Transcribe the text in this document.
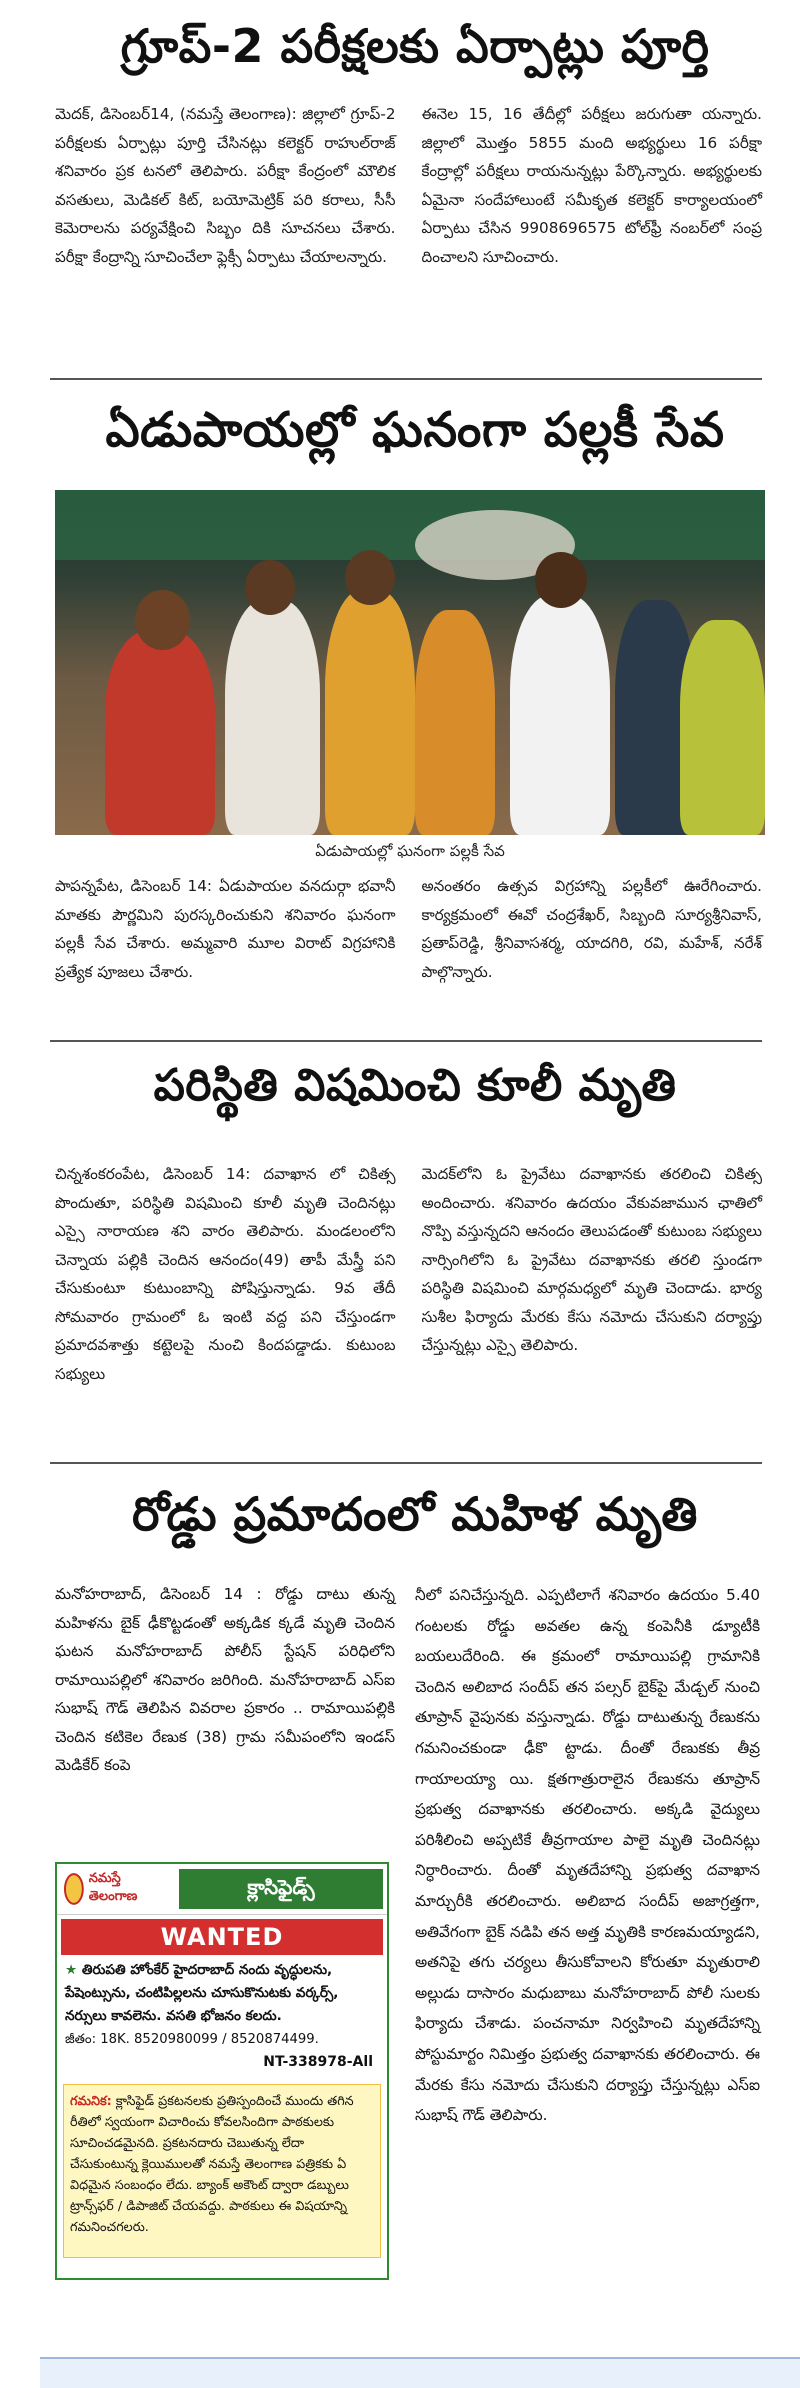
గ్రూప్-2 పరీక్షలకు ఏర్పాట్లు పూర్తి

మెదక్, డిసెంబర్14, (నమస్తే తెలంగాణ): జిల్లాలో గ్రూప్-2 పరీక్షలకు ఏర్పాట్లు పూర్తి చేసినట్లు కలెక్టర్ రాహుల్‌రాజ్ శనివారం ప్రక టనలో తెలిపారు. పరీక్షా కేంద్రంలో మౌలిక వసతులు, మెడికల్ కిట్, బయోమెట్రిక్ పరి కరాలు, సీసీ కెమెరాలను పర్యవేక్షించి సిబ్బం దికి సూచనలు చేశారు. పరీక్షా కేంద్రాన్ని సూచించేలా ఫ్లెక్సీ ఏర్పాటు చేయాలన్నారు.

ఈనెల 15, 16 తేదీల్లో పరీక్షలు జరుగుతా యన్నారు. జిల్లాలో మొత్తం 5855 మంది అభ్యర్థులు 16 పరీక్షా కేంద్రాల్లో పరీక్షలు రాయనున్నట్లు పేర్కొన్నారు. అభ్యర్థులకు ఏమైనా సందేహాలుంటే సమీకృత కలెక్టర్ కార్యాలయంలో ఏర్పాటు చేసిన 9908696575 టోల్‌ఫ్రీ నంబర్‌లో సంప్ర దించాలని సూచించారు.

ఏడుపాయల్లో ఘనంగా పల్లకీ సేవ
ఏడుపాయల్లో ఘనంగా పల్లకీ సేవ

పాపన్నపేట, డిసెంబర్ 14: ఏడుపాయల వనదుర్గా భవానీ మాతకు పౌర్ణమిని పురస్కరించుకుని శనివారం ఘనంగా పల్లకీ సేవ చేశారు. అమ్మవారి మూల విరాట్ విగ్రహానికి ప్రత్యేక పూజలు చేశారు.

అనంతరం ఉత్సవ విగ్రహాన్ని పల్లకీలో ఊరేగించారు. కార్యక్రమంలో ఈవో చంద్రశేఖర్, సిబ్బంది సూర్యశ్రీనివాస్, ప్రతాప్‌రెడ్డి, శ్రీనివాసశర్మ, యాదగిరి, రవి, మహేశ్, నరేశ్ పాల్గొన్నారు.

పరిస్థితి విషమించి కూలీ మృతి

చిన్నశంకరంపేట, డిసెంబర్ 14: దవాఖాన లో చికిత్స పొందుతూ, పరిస్థితి విషమించి కూలీ మృతి చెందినట్లు ఎస్సై నారాయణ శని వారం తెలిపారు. మండలంలోని చెన్నాయ పల్లికి చెందిన ఆనందం(49) తాపీ మేస్త్రీ పని చేసుకుంటూ కుటుంబాన్ని పోషిస్తున్నాడు. 9వ తేదీ సోమవారం గ్రామంలో ఓ ఇంటి వద్ద పని చేస్తుండగా ప్రమాదవశాత్తు కట్టెలపై నుంచి కిందపడ్డాడు. కుటుంబ సభ్యులు

మెదక్‌లోని ఓ ప్రైవేటు దవాఖానకు తరలించి చికిత్స అందించారు. శనివారం ఉదయం వేకువజామున ఛాతిలో నొప్పి వస్తున్నదని ఆనందం తెలుపడంతో కుటుంబ సభ్యులు నార్సింగిలోని ఓ ప్రైవేటు దవాఖానకు తరలి స్తుండగా పరిస్థితి విషమించి మార్గమధ్యలో మృతి చెందాడు. భార్య సుశీల ఫిర్యాదు మేరకు కేసు నమోదు చేసుకుని దర్యాప్తు చేస్తున్నట్లు ఎస్సై తెలిపారు.

రోడ్డు ప్రమాదంలో మహిళ మృతి

మనోహరాబాద్, డిసెంబర్ 14 : రోడ్డు దాటు తున్న మహిళను బైక్ ఢీకొట్టడంతో అక్కడిక క్కడే మృతి చెందిన ఘటన మనోహరాబాద్ పోలీస్ స్టేషన్ పరిధిలోని రామాయిపల్లిలో శనివారం జరిగింది. మనోహరాబాద్ ఎస్ఐ సుభాష్ గౌడ్ తెలిపిన వివరాల ప్రకారం .. రామాయిపల్లికి చెందిన కటికెల రేణుక (38) గ్రామ సమీపంలోని ఇండస్ మెడికేర్ కంపె

నీలో పనిచేస్తున్నది. ఎప్పటిలాగే శనివారం ఉదయం 5.40 గంటలకు రోడ్డు అవతల ఉన్న కంపెనీకి డ్యూటీకి బయలుదేరింది. ఈ క్రమంలో రామాయిపల్లి గ్రామానికి చెందిన అలిబాద సందీప్ తన పల్సర్ బైక్‌పై మేడ్చల్ నుంచి తూప్రాన్ వైపునకు వస్తున్నాడు. రోడ్డు దాటుతున్న రేణుకను గమనించకుండా ఢీకొ ట్టాడు. దీంతో రేణుకకు తీవ్ర గాయాలయ్యా యి. క్షతగాత్రురాలైన రేణుకను తూప్రాన్ ప్రభుత్వ దవాఖానకు తరలించారు. అక్కడి వైద్యులు పరిశీలించి అప్పటికే తీవ్రగాయాల పాలై మృతి చెందినట్లు నిర్ధారించారు. దీంతో మృతదేహాన్ని ప్రభుత్వ దవాఖాన మార్చురీకి తరలించారు. అలిబాద సందీప్ అజాగ్రత్తగా, అతివేగంగా బైక్ నడిపి తన అత్త మృతికి కారణమయ్యాడని, అతనిపై తగు చర్యలు తీసుకోవాలని కోరుతూ మృతురాలి అల్లుడు దాసారం మధుబాబు మనోహరాబాద్ పోలీ సులకు ఫిర్యాదు చేశాడు. పంచనామా నిర్వహించి మృతదేహాన్ని పోస్టుమార్టం నిమిత్తం ప్రభుత్వ దవాఖానకు తరలించారు. ఈ మేరకు కేసు నమోదు చేసుకుని దర్యాప్తు చేస్తున్నట్లు ఎస్ఐ సుభాష్ గౌడ్ తెలిపారు.

నమస్తే తెలంగాణ	క్లాసిఫైడ్స్
WANTED
★ తిరుపతి హోంకేర్ హైదరాబాద్ నందు వృద్ధులను, పేషెంట్సును, చంటిపిల్లలను చూసుకొనుటకు వర్కర్స్, నర్సులు కావలెను. వసతి భోజనం కలదు.
జీతం: 18K. 8520980099 / 8520874499.
NT-338978-All
గమనిక: క్లాసిఫైడ్ ప్రకటనలకు ప్రతిస్పందించే ముందు తగిన రీతిలో స్వయంగా విచారించు కోవలసిందిగా పాఠకులకు సూచించడమైనది. ప్రకటనదారు చెబుతున్న లేదా చేసుకుంటున్న క్లెయిములతో నమస్తే తెలంగాణ పత్రికకు ఏ విధమైన సంబంధం లేదు. బ్యాంక్ అకౌంట్ ద్వారా డబ్బులు ట్రాన్స్‌ఫర్ / డిపాజిట్ చేయవద్దు. పాఠకులు ఈ విషయాన్ని గమనించగలరు.
